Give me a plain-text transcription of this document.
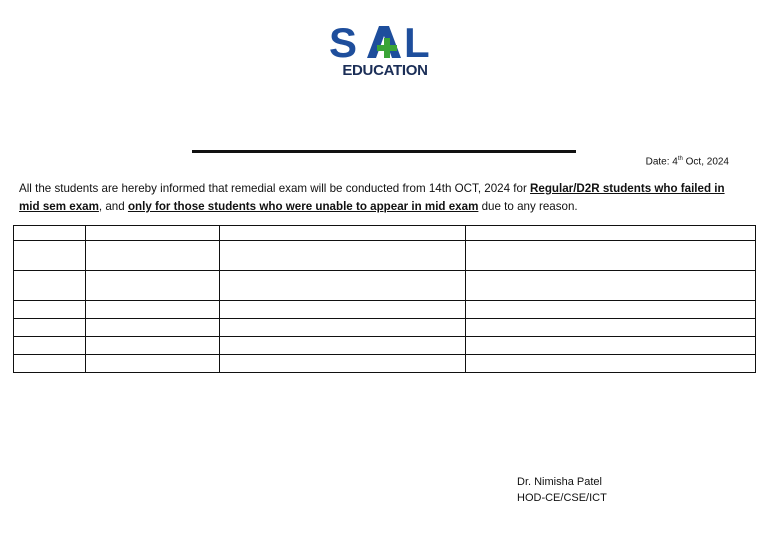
S L
EDUCATION
Date: 4th Oct, 2024
All the students are hereby informed that remedial exam will be conducted from 14th OCT, 2024 for Regular/D2R students who failed in mid sem exam, and only for those students who were unable to appear in mid exam due to any reason.

Dr. Nimisha Patel
HOD-CE/CSE/ICT
